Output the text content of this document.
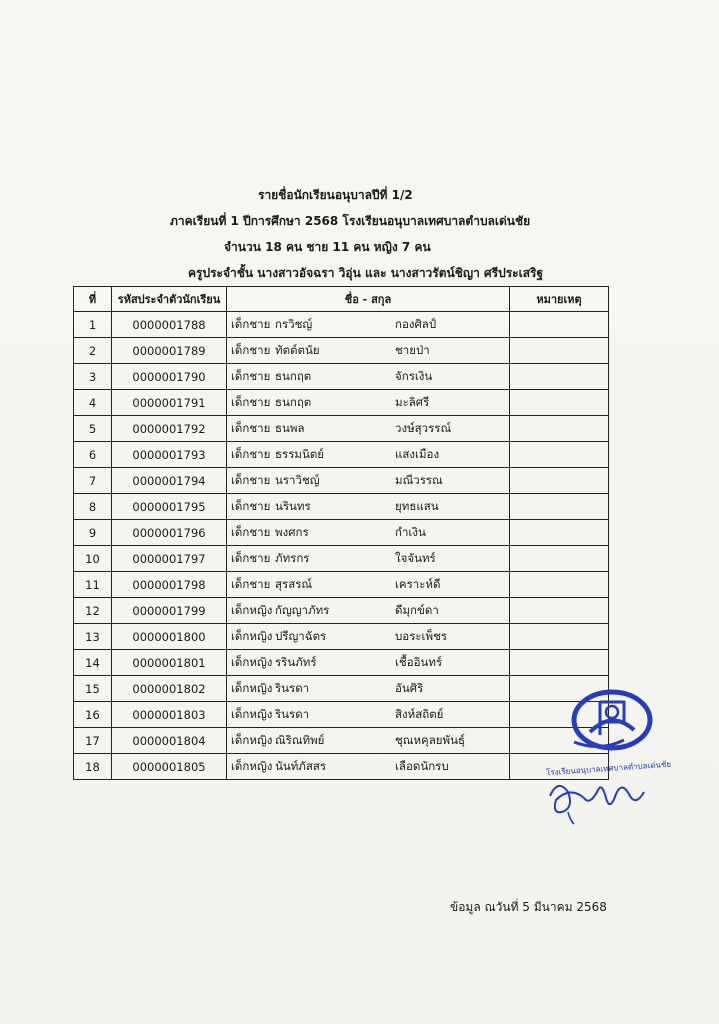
รายชื่อนักเรียนอนุบาลปีที่ 1/2
ภาคเรียนที่ 1 ปีการศึกษา 2568 โรงเรียนอนุบาลเทศบาลตำบลเด่นชัย
จำนวน 18 คน ชาย 11 คน หญิง 7 คน
ครูประจำชั้น นางสาวอัจฉรา วิอุ่น และ นางสาวรัตน์ชิญา ศรีประเสริฐ
ที่	รหัสประจำตัวนักเรียน	ชื่อ - สกุล	หมายเหตุ
1	0000001788	เด็กชาย กรวิชญ์ กองศิลป์	
2	0000001789	เด็กชาย ทัตต์ตนัย ชายป่า	
3	0000001790	เด็กชาย ธนกฤต จักรเงิน	
4	0000001791	เด็กชาย ธนกฤต มะลิศรี	
5	0000001792	เด็กชาย ธนพล วงษ์สุวรรณ์	
6	0000001793	เด็กชาย ธรรมนิตย์ แสงเมือง	
7	0000001794	เด็กชาย นราวิชญ์ มณีวรรณ	
8	0000001795	เด็กชาย นรินทร ยุทธแสน	
9	0000001796	เด็กชาย พงศกร กำเงิน	
10	0000001797	เด็กชาย ภัทรกร ใจจันทร์	
11	0000001798	เด็กชาย สุรสรณ์ เคราะห์ดี	
12	0000001799	เด็กหญิง กัญญาภัทร ดีมุกข์ดา	
13	0000001800	เด็กหญิง ปรีญาฉัตร บอระเพ็ชร	
14	0000001801	เด็กหญิง รรินภัทร์ เชื้ออินทร์	
15	0000001802	เด็กหญิง รินรดา อันศิริ	
16	0000001803	เด็กหญิง รินรดา สิงห์สถิตย์	
17	0000001804	เด็กหญิง ณิริณทิพย์ ชุณหคุลยพันธุ์	
18	0000001805	เด็กหญิง นันท์ภัสสร เลือดนักรบ	
ข้อมูล ณวันที่ 5 มีนาคม 2568
โรงเรียนอนุบาลเทศบาลตำบลเด่นชัย
